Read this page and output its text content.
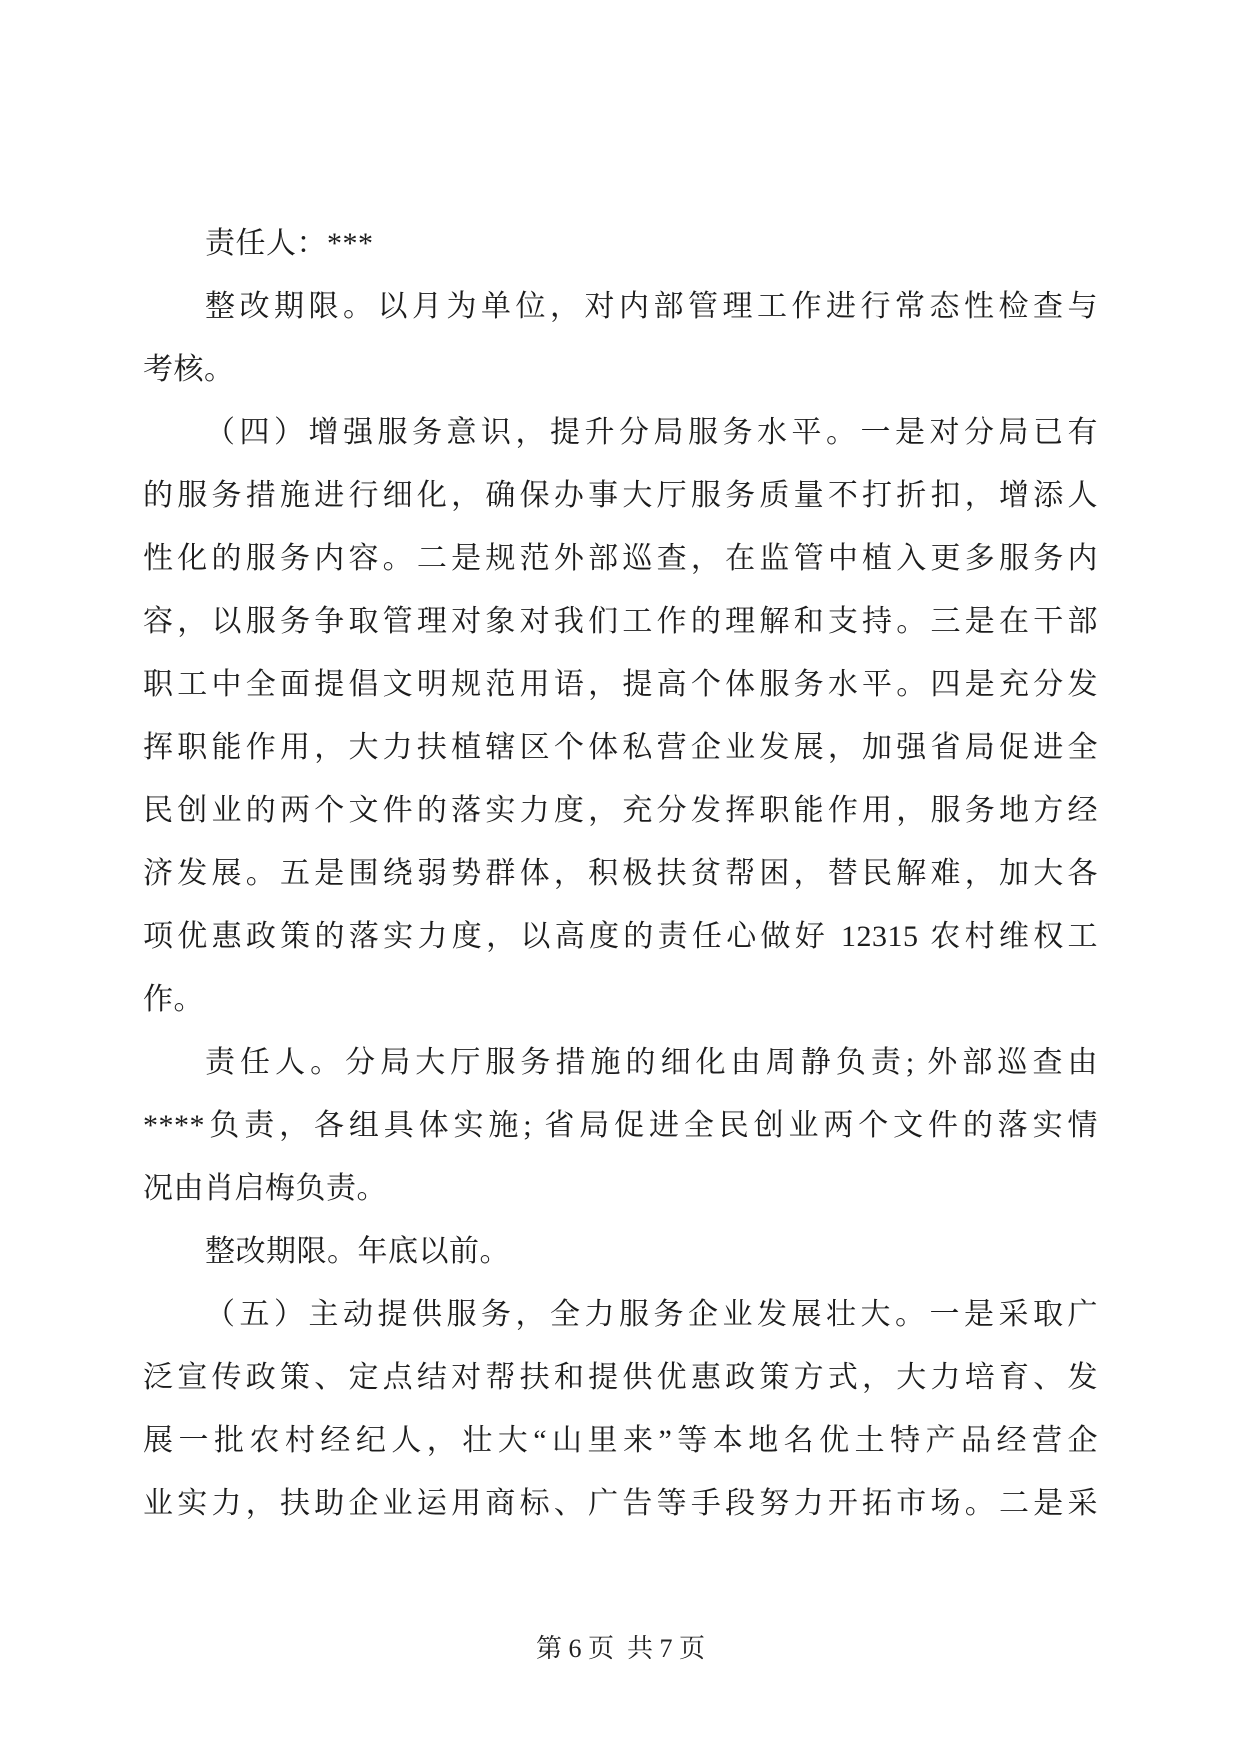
责任人：***
整改期限。以月为单位，对内部管理工作进行常态性检查与
考核。
（四）增强服务意识，提升分局服务水平。一是对分局已有
的服务措施进行细化，确保办事大厅服务质量不打折扣，增添人
性化的服务内容。二是规范外部巡查，在监管中植入更多服务内
容，以服务争取管理对象对我们工作的理解和支持。三是在干部
职工中全面提倡文明规范用语，提高个体服务水平。四是充分发
挥职能作用，大力扶植辖区个体私营企业发展，加强省局促进全
民创业的两个文件的落实力度，充分发挥职能作用，服务地方经
济发展。五是围绕弱势群体，积极扶贫帮困，替民解难，加大各
项优惠政策的落实力度，以高度的责任心做好 12315 农村维权工
作。
责任人。分局大厅服务措施的细化由周静负责; 外部巡查由
****负责，各组具体实施; 省局促进全民创业两个文件的落实情
况由肖启梅负责。
整改期限。年底以前。
（五）主动提供服务，全力服务企业发展壮大。一是采取广
泛宣传政策、定点结对帮扶和提供优惠政策方式，大力培育、发
展一批农村经纪人，壮大“山里来”等本地名优土特产品经营企
业实力，扶助企业运用商标、广告等手段努力开拓市场。二是采
第 6 页  共 7 页
